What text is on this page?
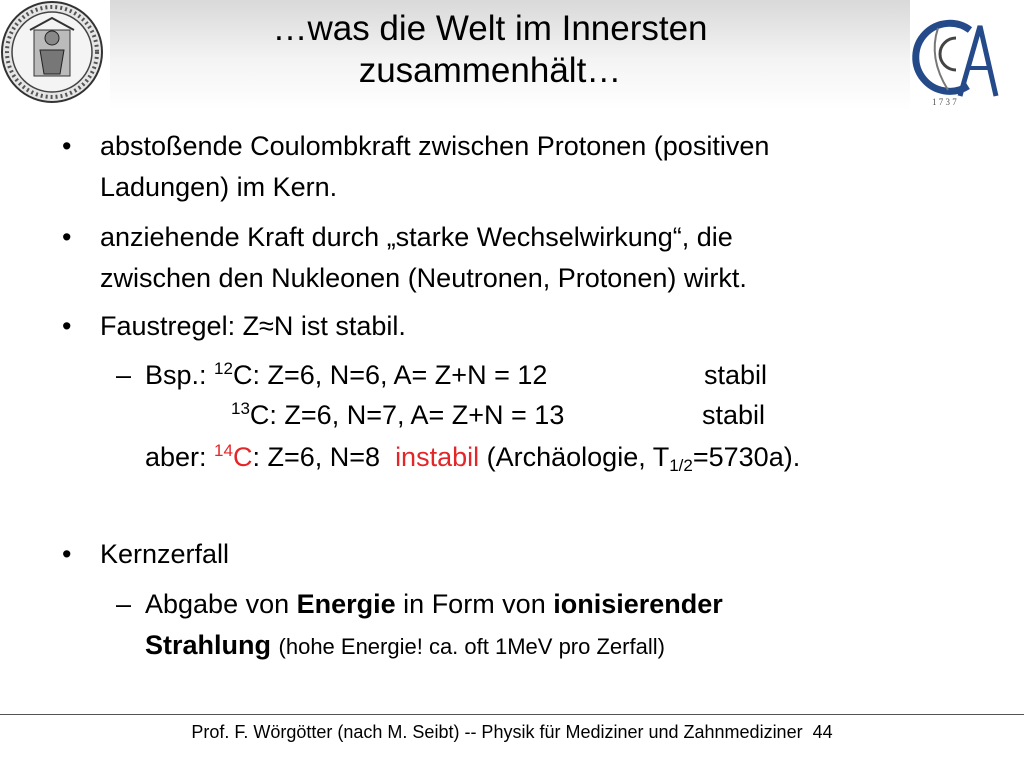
1 7 3 7
…was die Welt im Innersten
zusammenhält…
• abstoßende Coulombkraft zwischen Protonen (positiven
Ladungen) im Kern.
• anziehende Kraft durch „starke Wechselwirkung“, die
zwischen den Nukleonen (Neutronen, Protonen) wirkt.
• Faustregel: Z≈N ist stabil.
– Bsp.: $^{12}$C: Z=6, N=6, A= Z+N = 12	stabil
$^{13}$C: Z=6, N=7, A= Z+N = 13	stabil
aber: $^{14}$C: Z=6, N=8 instabil (Archäologie, $T_{1/2}=5730a$).
• Kernzerfall
– Abgabe von Energie in Form von ionisierender
Strahlung (hohe Energie! ca. oft 1MeV pro Zerfall)
Prof. F. Wörgötter (nach M. Seibt) -- Physik für Mediziner und Zahnmediziner 44
